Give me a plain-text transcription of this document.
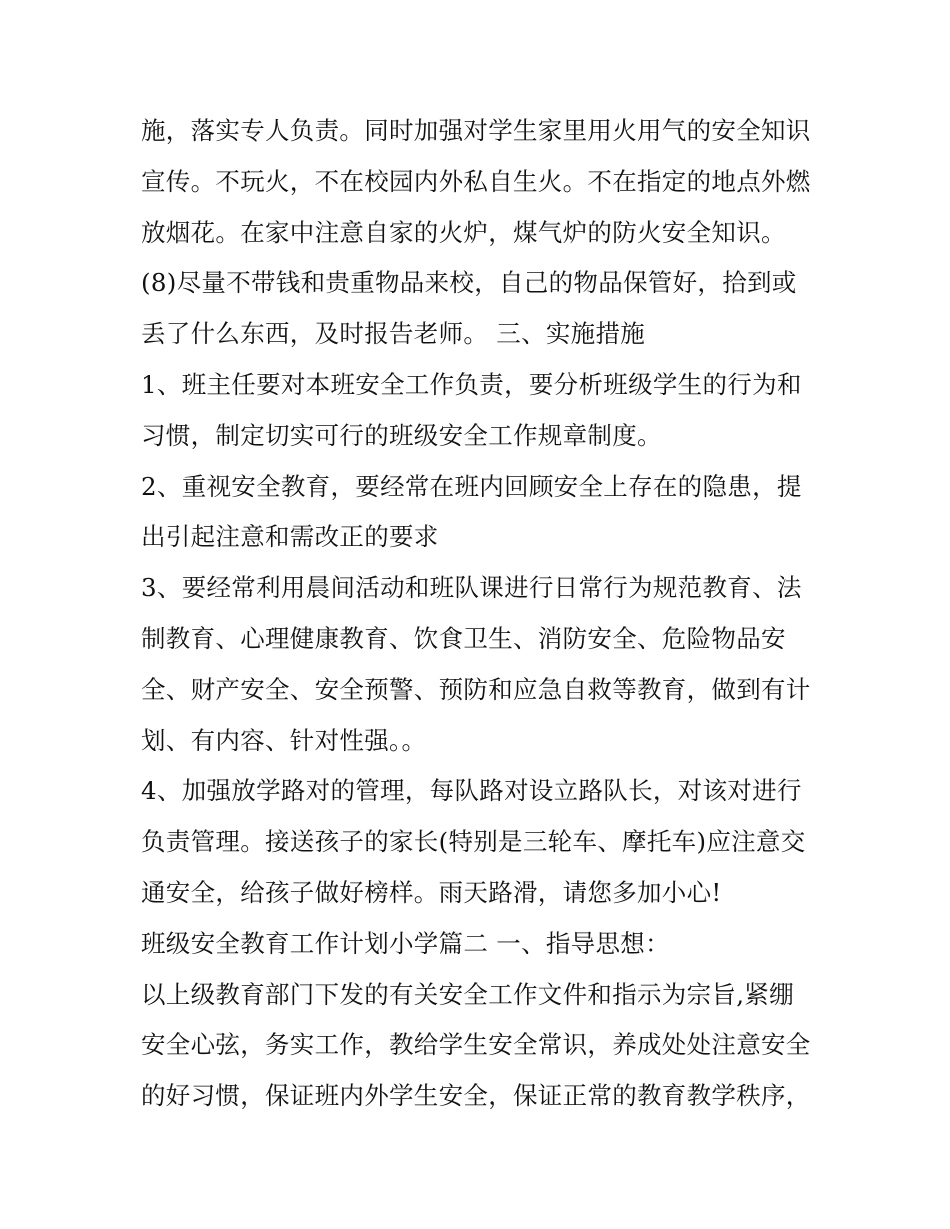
施，落实专人负责。同时加强对学生家里用火用气的安全知识
宣传。不玩火，不在校园内外私自生火。不在指定的地点外燃
放烟花。在家中注意自家的火炉，煤气炉的防火安全知识。
(8)尽量不带钱和贵重物品来校，自己的物品保管好，拾到或
丢了什么东西，及时报告老师。 三、实施措施
1、班主任要对本班安全工作负责，要分析班级学生的行为和
习惯，制定切实可行的班级安全工作规章制度。
2、重视安全教育，要经常在班内回顾安全上存在的隐患，提
出引起注意和需改正的要求
3、要经常利用晨间活动和班队课进行日常行为规范教育、法
制教育、心理健康教育、饮食卫生、消防安全、危险物品安
全、财产安全、安全预警、预防和应急自救等教育，做到有计
划、有内容、针对性强。。
4、加强放学路对的管理，每队路对设立路队长，对该对进行
负责管理。接送孩子的家长(特别是三轮车、摩托车)应注意交
通安全，给孩子做好榜样。雨天路滑，请您多加小心!
班级安全教育工作计划小学篇二 一、指导思想：
以上级教育部门下发的有关安全工作文件和指示为宗旨,紧绷
安全心弦，务实工作，教给学生安全常识，养成处处注意安全
的好习惯，保证班内外学生安全，保证正常的教育教学秩序，
